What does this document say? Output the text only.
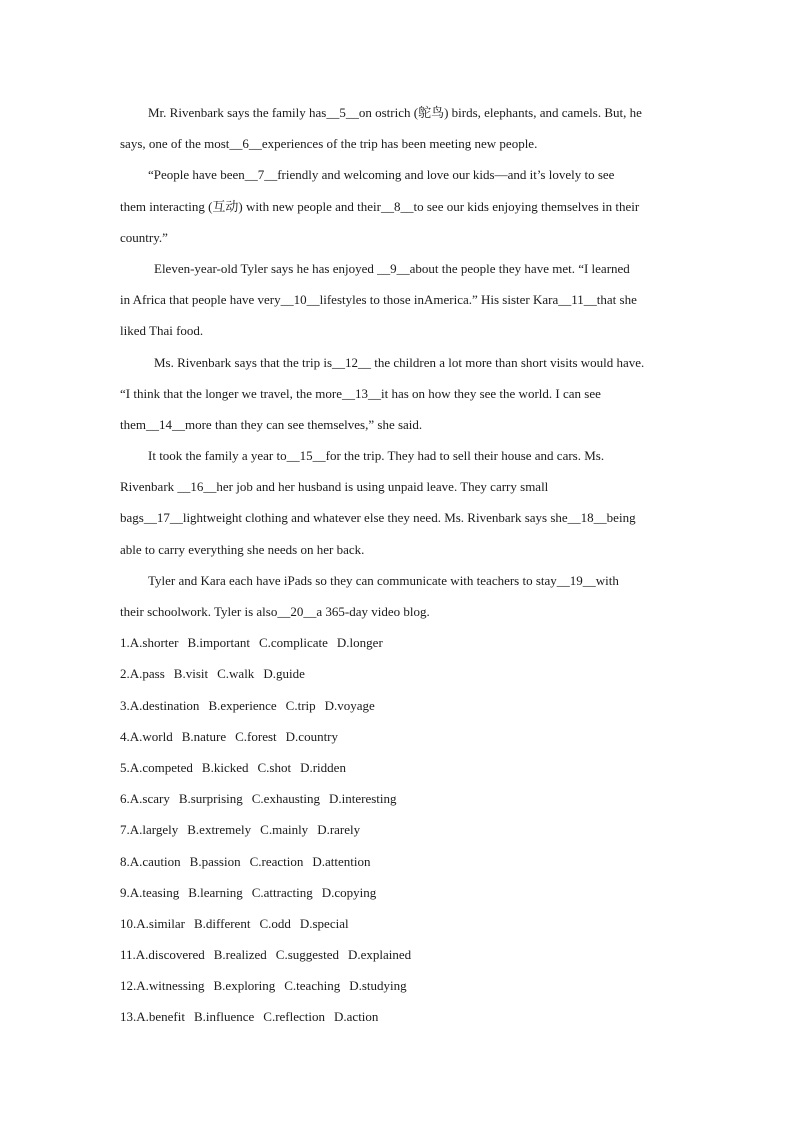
Mr. Rivenbark says the family has__5__on ostrich (鸵鸟) birds, elephants, and camels. But, he
says, one of the most__6__experiences of the trip has been meeting new people.
“People have been__7__friendly and welcoming and love our kids—and it’s lovely to see
them interacting (互动) with new people and their__8__to see our kids enjoying themselves in their
country.”
Eleven-year-old Tyler says he has enjoyed __9__about the people they have met. “I learned
in Africa that people have very__10__lifestyles to those inAmerica.” His sister Kara__11__that she
liked Thai food.
Ms. Rivenbark says that the trip is__12__ the children a lot more than short visits would have.
“I think that the longer we travel, the more__13__it has on how they see the world. I can see
them__14__more than they can see themselves,” she said.
It took the family a year to__15__for the trip. They had to sell their house and cars. Ms.
Rivenbark __16__her job and her husband is using unpaid leave. They carry small
bags__17__lightweight clothing and whatever else they need. Ms. Rivenbark says she__18__being
able to carry everything she needs on her back.
Tyler and Kara each have iPads so they can communicate with teachers to stay__19__with
their schoolwork. Tyler is also__20__a 365-day video blog.
1.A.shorter B.important C.complicate D.longer
2.A.pass B.visit C.walk D.guide
3.A.destination B.experience C.trip D.voyage
4.A.world B.nature C.forest D.country
5.A.competed B.kicked C.shot D.ridden
6.A.scary B.surprising C.exhausting D.interesting
7.A.largely B.extremely C.mainly D.rarely
8.A.caution B.passion C.reaction D.attention
9.A.teasing B.learning C.attracting D.copying
10.A.similar B.different C.odd D.special
11.A.discovered B.realized C.suggested D.explained
12.A.witnessing B.exploring C.teaching D.studying
13.A.benefit B.influence C.reflection D.action
